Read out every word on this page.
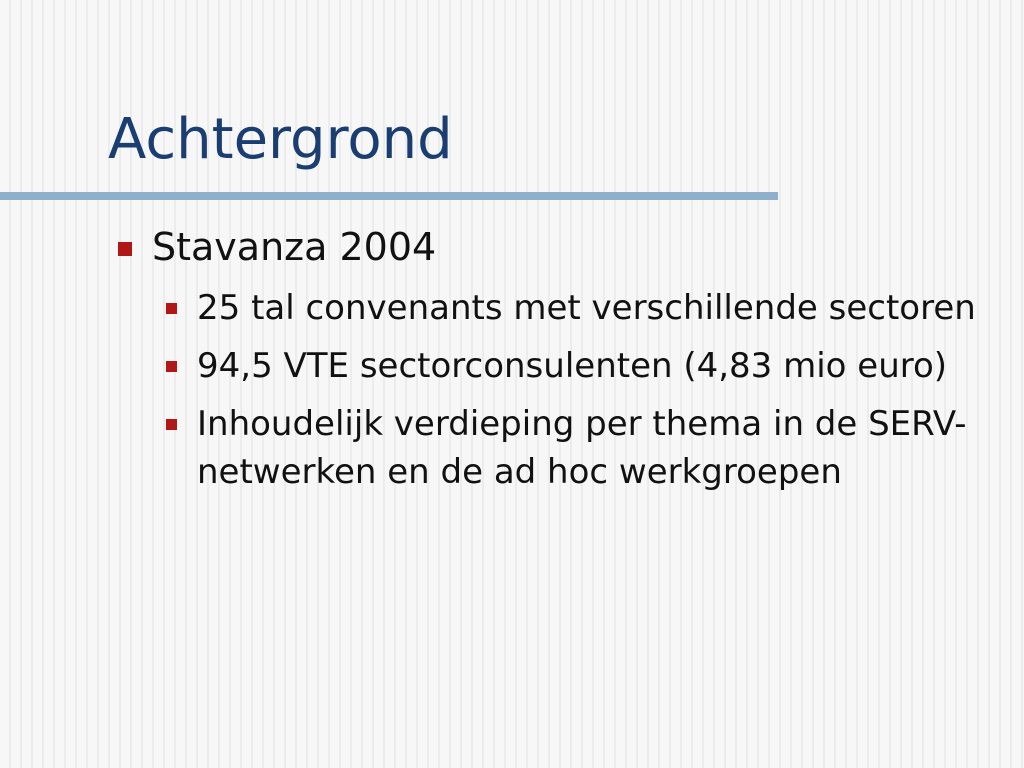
Achtergrond
Stavanza 2004
25 tal convenants met verschillende sectoren
94,5 VTE sectorconsulenten (4,83 mio euro)
Inhoudelijk verdieping per thema in de SERV-netwerken en de ad hoc werkgroepen
